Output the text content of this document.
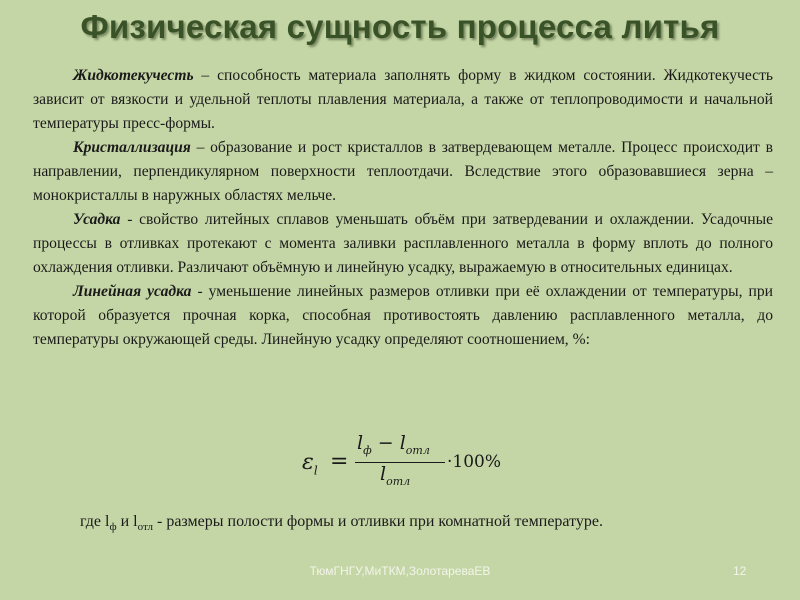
Физическая сущность процесса литья

Жидкотекучесть – способность материала заполнять форму в жидком состоянии. Жидкотекучесть зависит от вязкости и удельной теплоты плавления материала, а также от теплопроводимости и начальной температуры пресс-формы.

Кристаллизация – образование и рост кристаллов в затвердевающем металле. Процесс происходит в направлении, перпендикулярном поверхности теплоотдачи. Вследствие этого образовавшиеся зерна – монокристаллы в наружных областях мельче.

Усадка - свойство литейных сплавов уменьшать объём при затвердевании и охлаждении. Усадочные процессы в отливках протекают с момента заливки расплавленного металла в форму вплоть до полного охлаждения отливки. Различают объёмную и линейную усадку, выражаемую в относительных единицах.

Линейная усадка - уменьшение линейных размеров отливки при её охлаждении от температуры, при которой образуется прочная корка, способная противостоять давлению расплавленного металла, до температуры окружающей среды. Линейную усадку определяют соотношением, %:

$\varepsilon_l$ =
$l_ф - l_{отл}$
$l_{отл}$
·100%
где $l_ф$ и $l_{отл}$ - размеры полости формы и отливки при комнатной температуре.
ТюмГНГУ,МиТКМ,ЗолотареваЕВ	12
